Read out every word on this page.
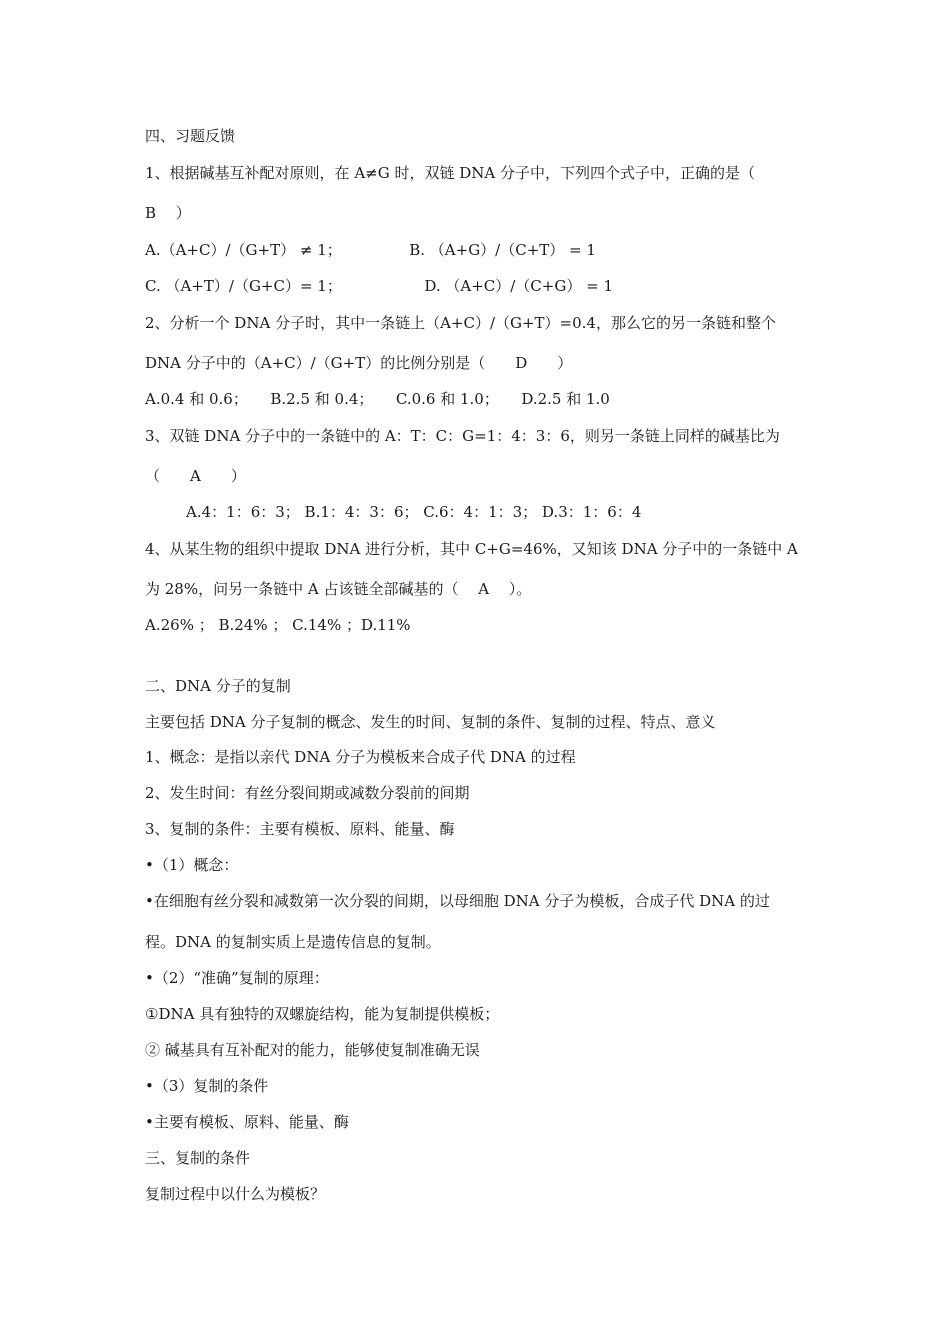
四、习题反馈

1、根据碱基互补配对原则，在 A≠G 时，双链 DNA 分子中，下列四个式子中，正确的是（

B　 ）

A.（A+C）/（G+T） ≠ 1；　　　　　B. （A+G）/（C+T） = 1

C. （A+T）/（G+C）= 1；　　　　　　D. （A+C）/（C+G） = 1

2、分析一个 DNA 分子时，其中一条链上（A+C）/（G+T）=0.4，那么它的另一条链和整个

DNA 分子中的（A+C）/（G+T）的比例分别是（　　D　　）

A.0.4 和 0.6；　　B.2.5 和 0.4；　　C.0.6 和 1.0；　　D.2.5 和 1.0

3、双链 DNA 分子中的一条链中的 A：T：C：G=1：4：3：6，则另一条链上同样的碱基比为

（　　A　　）

A.4：1：6：3； B.1：4：3：6； C.6：4：1：3； D.3：1：6：4

4、从某生物的组织中提取 DNA 进行分析，其中 C+G=46%，又知该 DNA 分子中的一条链中 A

为 28%，问另一条链中 A 占该链全部碱基的（　 A　 ）。

A.26% ； B.24% ； C.14% ；D.11%

二、DNA 分子的复制

主要包括 DNA 分子复制的概念、发生的时间、复制的条件、复制的过程、特点、意义

1、概念：是指以亲代 DNA 分子为模板来合成子代 DNA 的过程

2、发生时间：有丝分裂间期或减数分裂前的间期

3、复制的条件：主要有模板、原料、能量、酶

•（1）概念：

•在细胞有丝分裂和减数第一次分裂的间期，以母细胞 DNA 分子为模板，合成子代 DNA 的过

程。DNA 的复制实质上是遗传信息的复制。

•（2）“准确”复制的原理：

①DNA 具有独特的双螺旋结构，能为复制提供模板；

② 碱基具有互补配对的能力，能够使复制准确无误

•（3）复制的条件

•主要有模板、原料、能量、酶

三、复制的条件

复制过程中以什么为模板？
